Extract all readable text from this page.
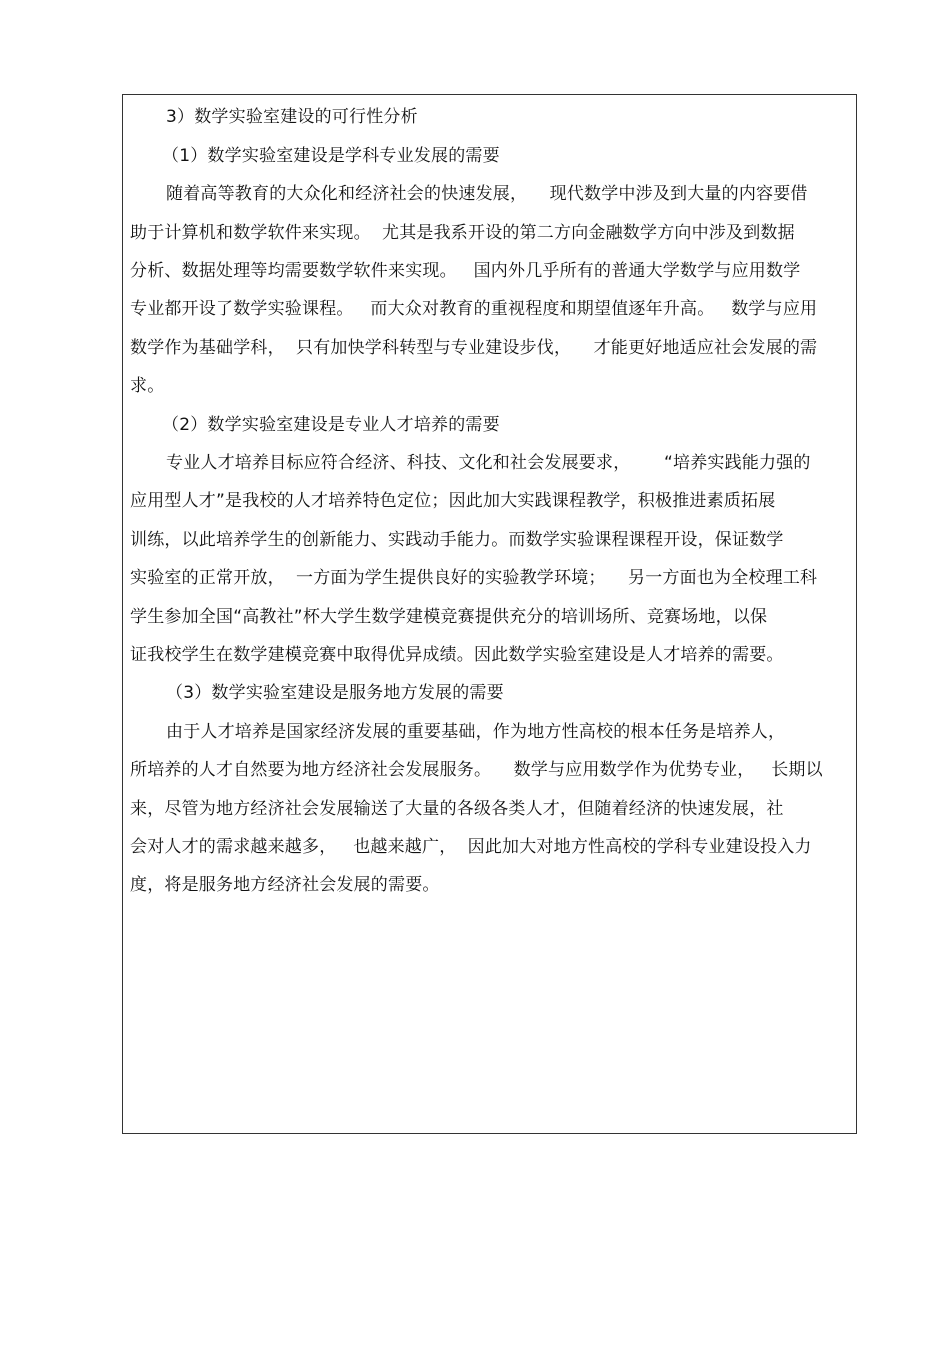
3）数学实验室建设的可行性分析
（1）数学实验室建设是学科专业发展的需要
随着高等教育的大众化和经济社会的快速发展，    现代数学中涉及到大量的内容要借
助于计算机和数学软件来实现。  尤其是我系开设的第二方向金融数学方向中涉及到数据
分析、数据处理等均需要数学软件来实现。   国内外几乎所有的普通大学数学与应用数学
专业都开设了数学实验课程。   而大众对教育的重视程度和期望值逐年升高。   数学与应用
数学作为基础学科，  只有加快学科转型与专业建设步伐，    才能更好地适应社会发展的需
求。
（2）数学实验室建设是专业人才培养的需要
专业人才培养目标应符合经济、科技、文化和社会发展要求，      “培养实践能力强的
应用型人才”是我校的人才培养特色定位；因此加大实践课程教学，积极推进素质拓展
训练，以此培养学生的创新能力、实践动手能力。而数学实验课程课程开设，保证数学
实验室的正常开放，  一方面为学生提供良好的实验教学环境；    另一方面也为全校理工科
学生参加全国“高教社”杯大学生数学建模竞赛提供充分的培训场所、竞赛场地，以保
证我校学生在数学建模竞赛中取得优异成绩。因此数学实验室建设是人才培养的需要。
（3）数学实验室建设是服务地方发展的需要
由于人才培养是国家经济发展的重要基础，作为地方性高校的根本任务是培养人，
所培养的人才自然要为地方经济社会发展服务。    数学与应用数学作为优势专业，   长期以
来，尽管为地方经济社会发展输送了大量的各级各类人才，但随着经济的快速发展，社
会对人才的需求越来越多，   也越来越广，  因此加大对地方性高校的学科专业建设投入力
度，将是服务地方经济社会发展的需要。
